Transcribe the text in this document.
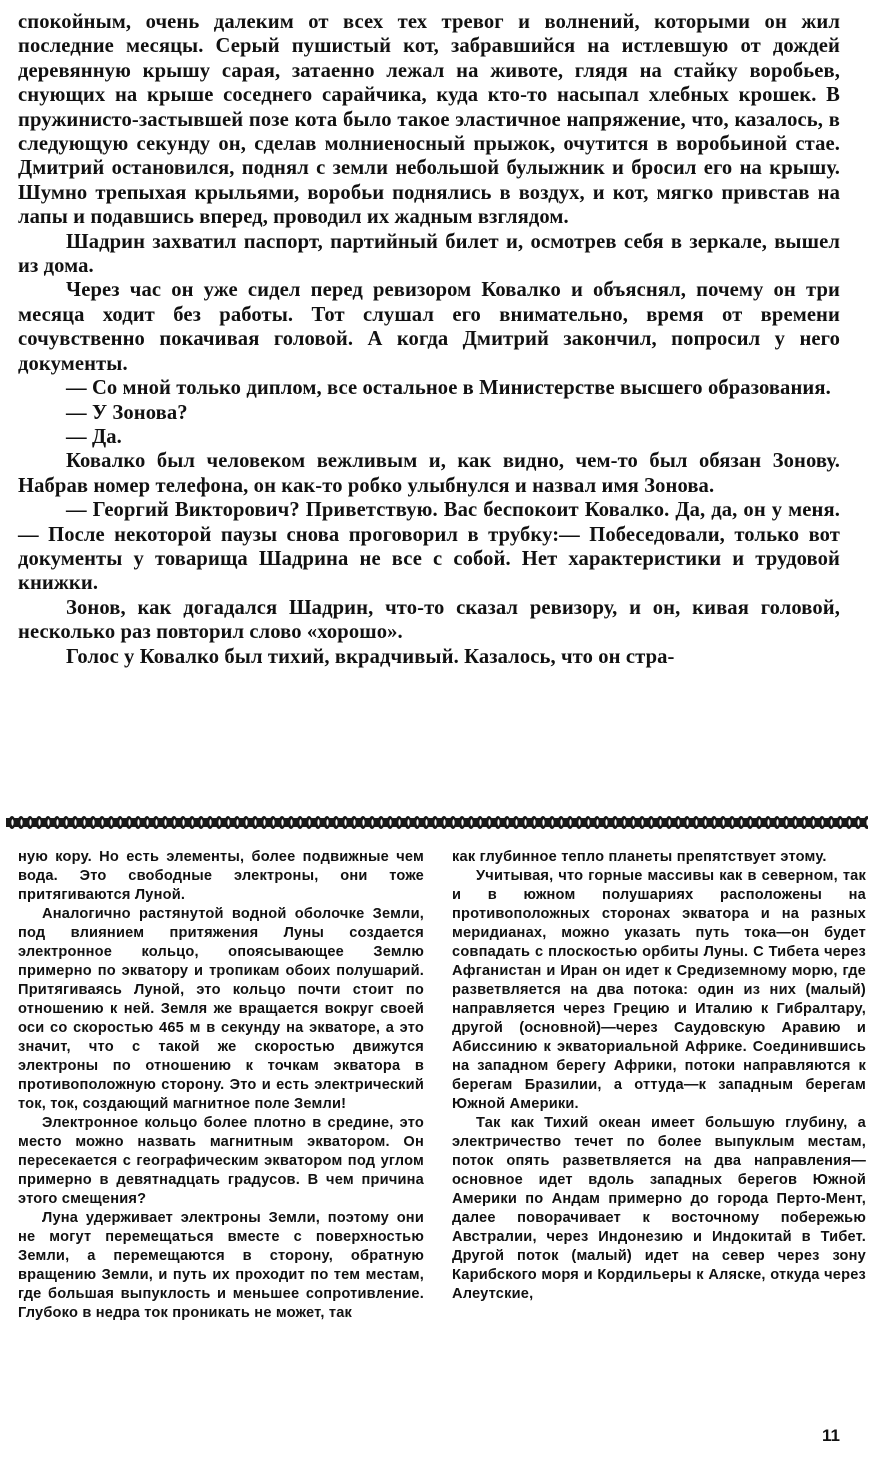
спокойным, очень далеким от всех тех тревог и волнений, которыми он жил последние месяцы. Серый пушистый кот, забравшийся на истлевшую от дождей деревянную крышу сарая, затаенно лежал на животе, глядя на стайку воробьев, снующих на крыше соседнего сарайчика, куда кто-то насыпал хлебных крошек. В пружинисто-застывшей позе кота было такое эластичное напряжение, что, казалось, в следующую секунду он, сделав молниеносный прыжок, очутится в воробьиной стае. Дмитрий остановился, поднял с земли небольшой булыжник и бросил его на крышу. Шумно трепыхая крыльями, воробьи поднялись в воздух, и кот, мягко привстав на лапы и подавшись вперед, проводил их жадным взглядом.

Шадрин захватил паспорт, партийный билет и, осмотрев себя в зеркале, вышел из дома.

Через час он уже сидел перед ревизором Ковалко и объяснял, почему он три месяца ходит без работы. Тот слушал его внимательно, время от времени сочувственно покачивая головой. А когда Дмитрий закончил, попросил у него документы.

— Со мной только диплом, все остальное в Министерстве высшего образования.

— У Зонова?

— Да.

Ковалко был человеком вежливым и, как видно, чем-то был обязан Зонову. Набрав номер телефона, он как-то робко улыбнулся и назвал имя Зонова.

— Георгий Викторович? Приветствую. Вас беспокоит Ковалко. Да, да, он у меня.— После некоторой паузы снова проговорил в трубку:— Побеседовали, только вот документы у товарища Шадрина не все с собой. Нет характеристики и трудовой книжки.

Зонов, как догадался Шадрин, что-то сказал ревизору, и он, кивая головой, несколько раз повторил слово «хорошо».

Голос у Ковалко был тихий, вкрадчивый. Казалось, что он стра-

ную кору. Но есть элементы, более подвижные чем вода. Это свободные электроны, они тоже притягиваются Луной.

Аналогично растянутой водной оболочке Земли, под влиянием притяжения Луны создается электронное кольцо, опоясывающее Землю примерно по экватору и тропикам обоих полушарий. Притягиваясь Луной, это кольцо почти стоит по отношению к ней. Земля же вращается вокруг своей оси со скоростью 465 м в секунду на экваторе, а это значит, что с такой же скоростью движутся электроны по отношению к точкам экватора в противоположную сторону. Это и есть электрический ток, ток, создающий магнитное поле Земли!

Электронное кольцо более плотно в средине, это место можно назвать магнитным экватором. Он пересекается с географическим экватором под углом примерно в девятнадцать градусов. В чем причина этого смещения?

Луна удерживает электроны Земли, поэтому они не могут перемещаться вместе с поверхностью Земли, а перемещаются в сторону, обратную вращению Земли, и путь их проходит по тем местам, где большая выпуклость и меньшее сопротивление. Глубоко в недра ток проникать не может, так

как глубинное тепло планеты препятствует этому.

Учитывая, что горные массивы как в северном, так и в южном полушариях расположены на противоположных сторонах экватора и на разных меридианах, можно указать путь тока—он будет совпадать с плоскостью орбиты Луны. С Тибета через Афганистан и Иран он идет к Средиземному морю, где разветвляется на два потока: один из них (малый) направляется через Грецию и Италию к Гибралтару, другой (основной)—через Саудовскую Аравию и Абиссинию к экваториальной Африке. Соединившись на западном берегу Африки, потоки направляются к берегам Бразилии, а оттуда—к западным берегам Южной Америки.

Так как Тихий океан имеет большую глубину, а электричество течет по более выпуклым местам, поток опять разветвляется на два направления—основное идет вдоль западных берегов Южной Америки по Андам примерно до города Перто-Мент, далее поворачивает к восточному побережью Австралии, через Индонезию и Индокитай в Тибет. Другой поток (малый) идет на север через зону Карибского моря и Кордильеры к Аляске, откуда через Алеутские,

11
